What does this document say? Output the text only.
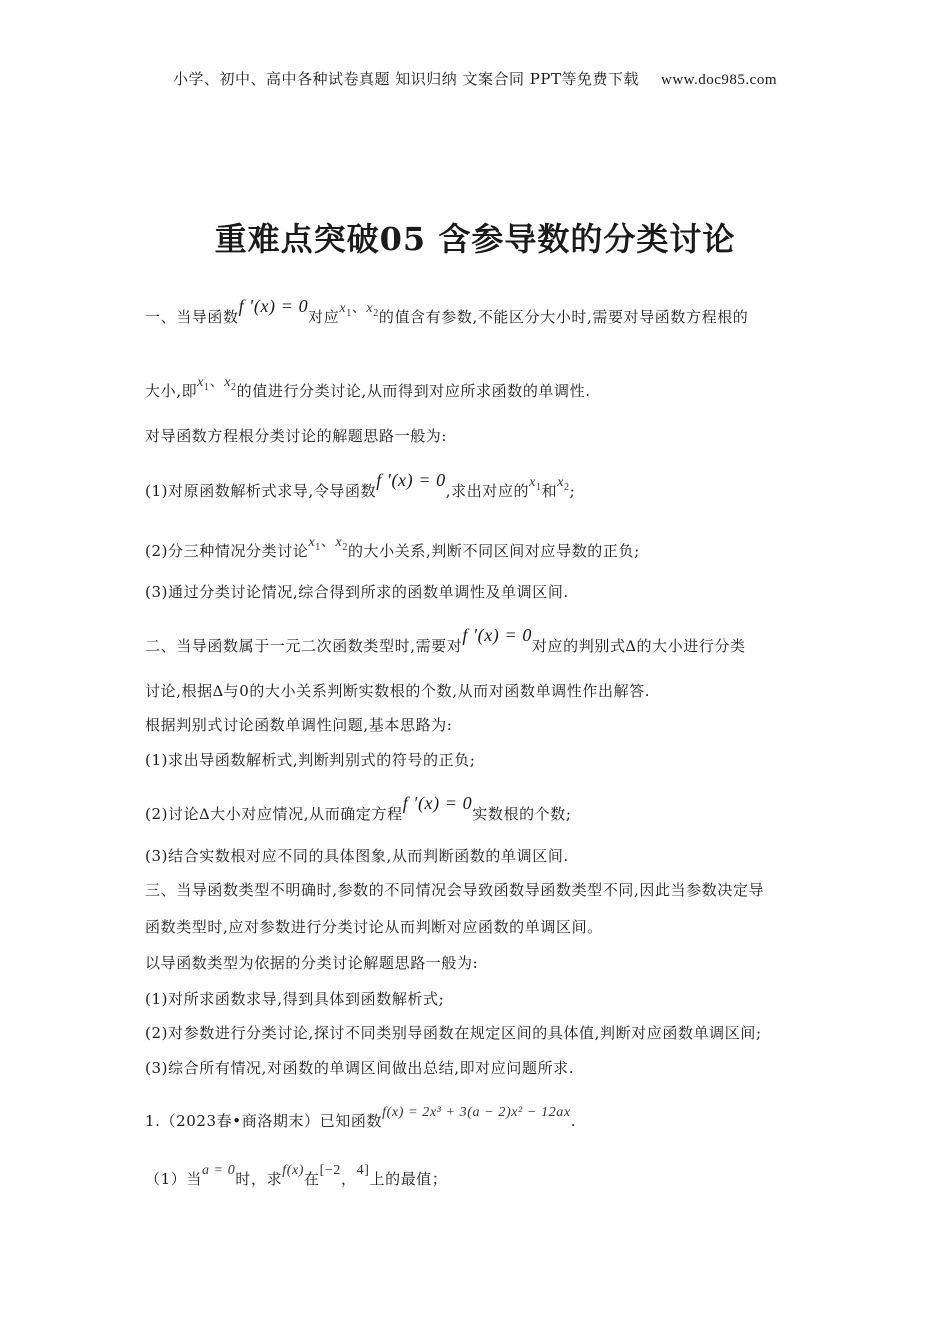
小学、初中、高中各种试卷真题 知识归纳 文案合同 PPT等免费下载 www.doc985.com
重难点突破05 含参导数的分类讨论
一、当导函数f ′(x) = 0对应$x_1$、$x_2$的值含有参数,不能区分大小时,需要对导函数方程根的
大小,即$x_1$、$x_2$的值进行分类讨论,从而得到对应所求函数的单调性.
对导函数方程根分类讨论的解题思路一般为:
(1)对原函数解析式求导,令导函数f ′(x) = 0,求出对应的$x_1$和$x_2$;
(2)分三种情况分类讨论$x_1$、$x_2$的大小关系,判断不同区间对应导数的正负;
(3)通过分类讨论情况,综合得到所求的函数单调性及单调区间.
二、当导函数属于一元二次函数类型时,需要对f ′(x) = 0对应的判别式Δ的大小进行分类
讨论,根据Δ与0的大小关系判断实数根的个数,从而对函数单调性作出解答.
根据判别式讨论函数单调性问题,基本思路为:
(1)求出导函数解析式,判断判别式的符号的正负;
(2)讨论Δ大小对应情况,从而确定方程f ′(x) = 0实数根的个数;
(3)结合实数根对应不同的具体图象,从而判断函数的单调区间.
三、当导函数类型不明确时,参数的不同情况会导致函数导函数类型不同,因此当参数决定导
函数类型时,应对参数进行分类讨论从而判断对应函数的单调区间。
以导函数类型为依据的分类讨论解题思路一般为:
(1)对所求函数求导,得到具体到函数解析式;
(2)对参数进行分类讨论,探讨不同类别导函数在规定区间的具体值,判断对应函数单调区间;
(3)综合所有情况,对函数的单调区间做出总结,即对应问题所求.
1.（2023春•商洛期末）已知函数f(x) = 2x³ + 3(a − 2)x² − 12ax.
（1）当a = 0时，求f(x)在[−2，4]上的最值；
